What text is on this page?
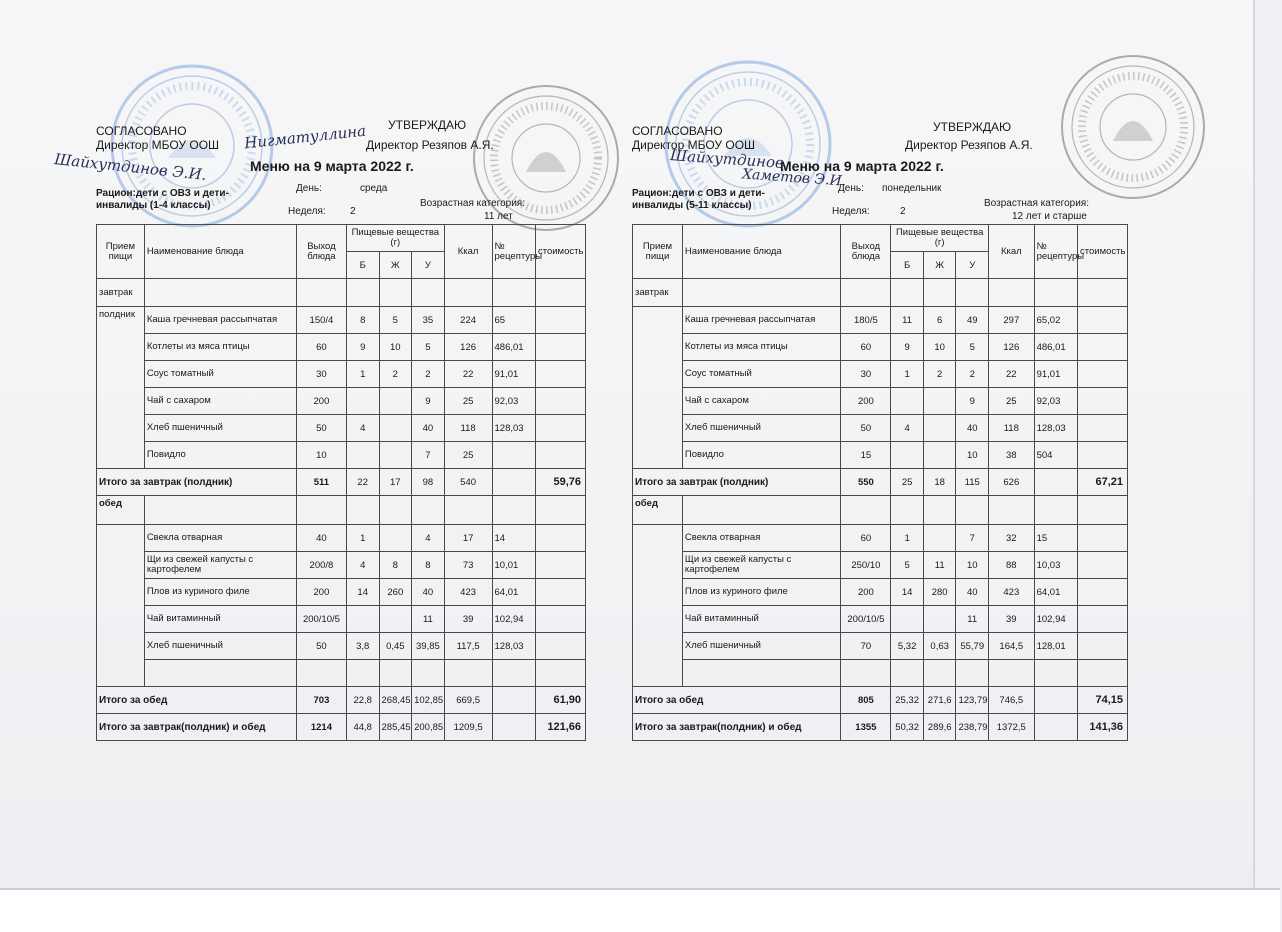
СОГЛАСОВАНО
Директор МБОУ ООШ
УТВЕРЖДАЮ
Директор Резяпов А.Я.
Меню на 9 марта 2022 г.
Рацион:дети с ОВЗ и дети-
инвалиды (1-4 классы)
День:	среда
Неделя: 2
Возрастная категория:
11 лет
Нигматуллина
Шайхутдинов Э.И.
Прием пищи	Наименование блюда	Выход блюда	Пищевые вещества (г)			Ккал	№ рецептуры	стоимость
			Б	Ж	У			
завтрак								
полдник	Каша гречневая рассыпчатая	150/4	8	5	35	224	65	
	Котлеты из мяса птицы	60	9	10	5	126	486,01	
	Соус томатный	30	1	2	2	22	91,01	
	Чай с сахаром	200			9	25	92,03	
	Хлеб пшеничный	50	4		40	118	128,03	
	Повидло	10			7	25		
Итого за завтрак (полдник)		511	22	17	98	540		59,76
обед								
	Свекла отварная	40	1		4	17	14	
	Щи из свежей капусты с картофелем	200/8	4	8	8	73	10,01	
	Плов из куриного филе	200	14	260	40	423	64,01	
	Чай витаминный	200/10/5			11	39	102,94	
	Хлеб пшеничный	50	3,8	0,45	39,85	117,5	128,03	

Итого за обед		703	22,8	268,45	102,85	669,5		61,90
Итого за завтрак(полдник) и обед		1214	44,8	285,45	200,85	1209,5		121,66
СОГЛАСОВАНО
Директор МБОУ ООШ
УТВЕРЖДАЮ
Директор Резяпов А.Я.
Меню на 9 марта 2022 г.
Рацион:дети с ОВЗ и дети-
инвалиды (5-11 классы)
День: понедельник
Неделя:	2
Возрастная категория:
12 лет и старше
Шайхутдинов
Хаметов Э.И.
Прием пищи	Наименование блюда	Выход блюда	Пищевые вещества (г)			Ккал	№ рецептуры	стоимость
			Б	Ж	У			
завтрак								
	Каша гречневая рассыпчатая	180/5	11	6	49	297	65,02	
	Котлеты из мяса птицы	60	9	10	5	126	486,01	
	Соус томатный	30	1	2	2	22	91,01	
	Чай с сахаром	200			9	25	92,03	
	Хлеб пшеничный	50	4		40	118	128,03	
	Повидло	15			10	38	504	
Итого за завтрак (полдник)		550	25	18	115	626		67,21
обед								
	Свекла отварная	60	1		7	32	15	
	Щи из свежей капусты с картофелем	250/10	5	11	10	88	10,03	
	Плов из куриного филе	200	14	280	40	423	64,01	
	Чай витаминный	200/10/5			11	39	102,94	
	Хлеб пшеничный	70	5,32	0,63	55,79	164,5	128,01	

Итого за обед		805	25,32	271,6	123,79	746,5		74,15
Итого за завтрак(полдник) и обед		1355	50,32	289,6	238,79	1372,5		141,36
